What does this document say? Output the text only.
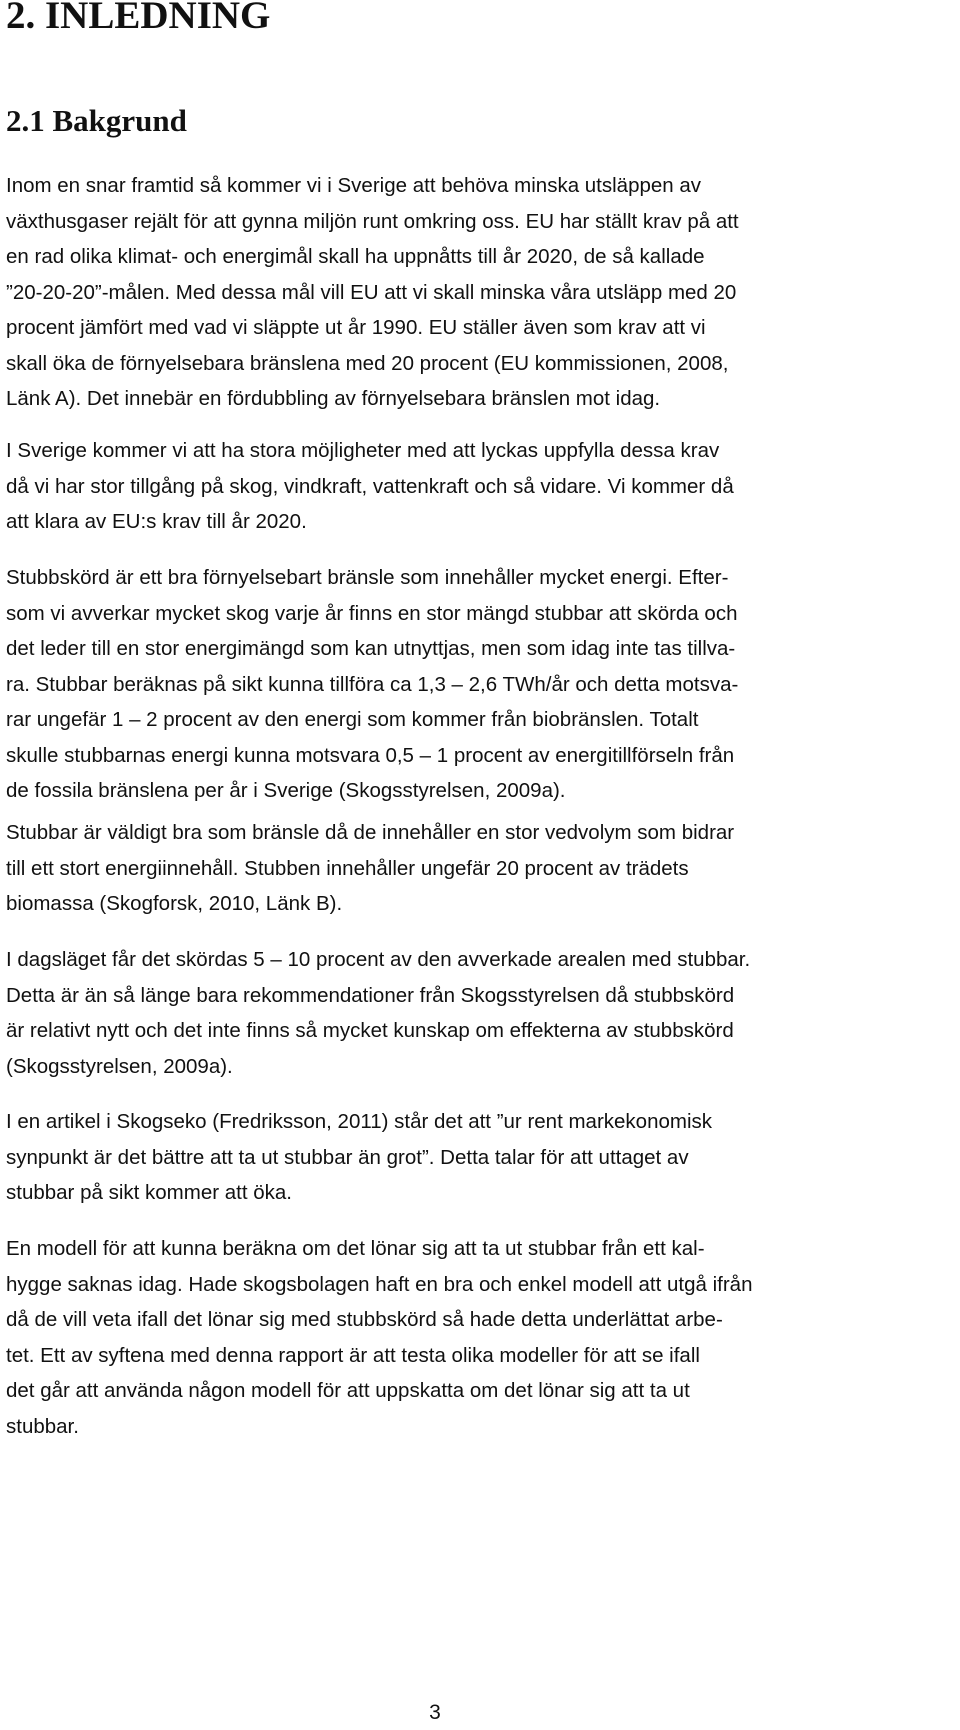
2. INLEDNING
2.1 Bakgrund

Inom en snar framtid så kommer vi i Sverige att behöva minska utsläppen av
växthusgaser rejält för att gynna miljön runt omkring oss. EU har ställt krav på att
en rad olika klimat- och energimål skall ha uppnåtts till år 2020, de så kallade
”20-20-20”-målen. Med dessa mål vill EU att vi skall minska våra utsläpp med 20
procent jämfört med vad vi släppte ut år 1990. EU ställer även som krav att vi
skall öka de förnyelsebara bränslena med 20 procent (EU kommissionen, 2008,
Länk A). Det innebär en fördubbling av förnyelsebara bränslen mot idag.

I Sverige kommer vi att ha stora möjligheter med att lyckas uppfylla dessa krav
då vi har stor tillgång på skog, vindkraft, vattenkraft och så vidare. Vi kommer då
att klara av EU:s krav till år 2020.

Stubbskörd är ett bra förnyelsebart bränsle som innehåller mycket energi. Efter-
som vi avverkar mycket skog varje år finns en stor mängd stubbar att skörda och
det leder till en stor energimängd som kan utnyttjas, men som idag inte tas tillva-
ra. Stubbar beräknas på sikt kunna tillföra ca 1,3 – 2,6 TWh/år och detta motsva-
rar ungefär 1 – 2 procent av den energi som kommer från biobränslen. Totalt
skulle stubbarnas energi kunna motsvara 0,5 – 1 procent av energitillförseln från
de fossila bränslena per år i Sverige (Skogsstyrelsen, 2009a).

Stubbar är väldigt bra som bränsle då de innehåller en stor vedvolym som bidrar
till ett stort energiinnehåll. Stubben innehåller ungefär 20 procent av trädets
biomassa (Skogforsk, 2010, Länk B).

I dagsläget får det skördas 5 – 10 procent av den avverkade arealen med stubbar.
Detta är än så länge bara rekommendationer från Skogsstyrelsen då stubbskörd
är relativt nytt och det inte finns så mycket kunskap om effekterna av stubbskörd
(Skogsstyrelsen, 2009a).

I en artikel i Skogseko (Fredriksson, 2011) står det att ”ur rent markekonomisk
synpunkt är det bättre att ta ut stubbar än grot”. Detta talar för att uttaget av
stubbar på sikt kommer att öka.

En modell för att kunna beräkna om det lönar sig att ta ut stubbar från ett kal-
hygge saknas idag. Hade skogsbolagen haft en bra och enkel modell att utgå ifrån
då de vill veta ifall det lönar sig med stubbskörd så hade detta underlättat arbe-
tet. Ett av syftena med denna rapport är att testa olika modeller för att se ifall
det går att använda någon modell för att uppskatta om det lönar sig att ta ut
stubbar.

3
